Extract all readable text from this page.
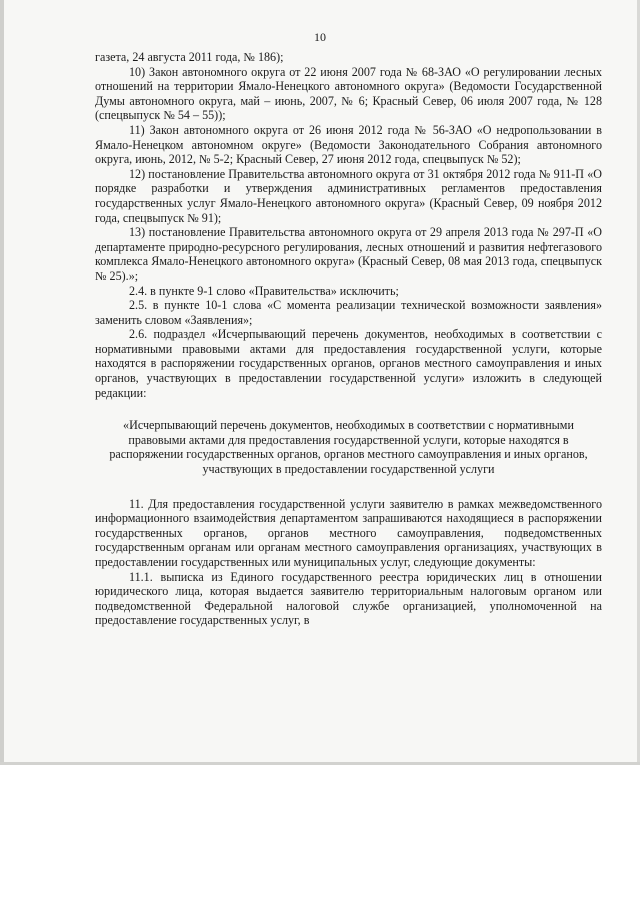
10

газета, 24 августа 2011 года, № 186);

10) Закон автономного округа от 22 июня 2007 года № 68-ЗАО «О регулировании лесных отношений на территории Ямало-Ненецкого автономного округа» (Ведомости Государственной Думы автономного округа, май – июнь, 2007, № 6; Красный Север, 06 июля 2007 года, № 128 (спецвыпуск № 54 – 55));

11) Закон автономного округа от 26 июня 2012 года № 56-ЗАО «О недропользовании в Ямало-Ненецком автономном округе» (Ведомости Законодательного Собрания автономного округа, июнь, 2012, № 5-2; Красный Север, 27 июня 2012 года, спецвыпуск № 52);

12) постановление Правительства автономного округа от 31 октября 2012 года № 911-П «О порядке разработки и утверждения административных регламентов предоставления государственных услуг Ямало-Ненецкого автономного округа» (Красный Север, 09 ноября 2012 года, спецвыпуск № 91);

13) постановление Правительства автономного округа от 29 апреля 2013 года № 297-П «О департаменте природно-ресурсного регулирования, лесных отношений и развития нефтегазового комплекса Ямало-Ненецкого автономного округа» (Красный Север, 08 мая 2013 года, спецвыпуск № 25).»;

2.4. в пункте 9-1 слово «Правительства» исключить;

2.5. в пункте 10-1 слова «С момента реализации технической возможности заявления» заменить словом «Заявления»;

2.6. подраздел «Исчерпывающий перечень документов, необходимых в соответствии с нормативными правовыми актами для предоставления государственной услуги, которые находятся в распоряжении государственных органов, органов местного самоуправления и иных органов, участвующих в предоставлении государственной услуги» изложить в следующей редакции:

«Исчерпывающий перечень документов, необходимых в соответствии с нормативными правовыми актами для предоставления государственной услуги, которые находятся в распоряжении государственных органов, органов местного самоуправления и иных органов, участвующих в предоставлении государственной услуги

11. Для предоставления государственной услуги заявителю в рамках межведомственного информационного взаимодействия департаментом запрашиваются находящиеся в распоряжении государственных органов, органов местного самоуправления, подведомственных государственным органам или органам местного самоуправления организациях, участвующих в предоставлении государственных или муниципальных услуг, следующие документы:

11.1. выписка из Единого государственного реестра юридических лиц в отношении юридического лица, которая выдается заявителю территориальным налоговым органом или подведомственной Федеральной налоговой службе организацией, уполномоченной на предоставление государственных услуг, в
